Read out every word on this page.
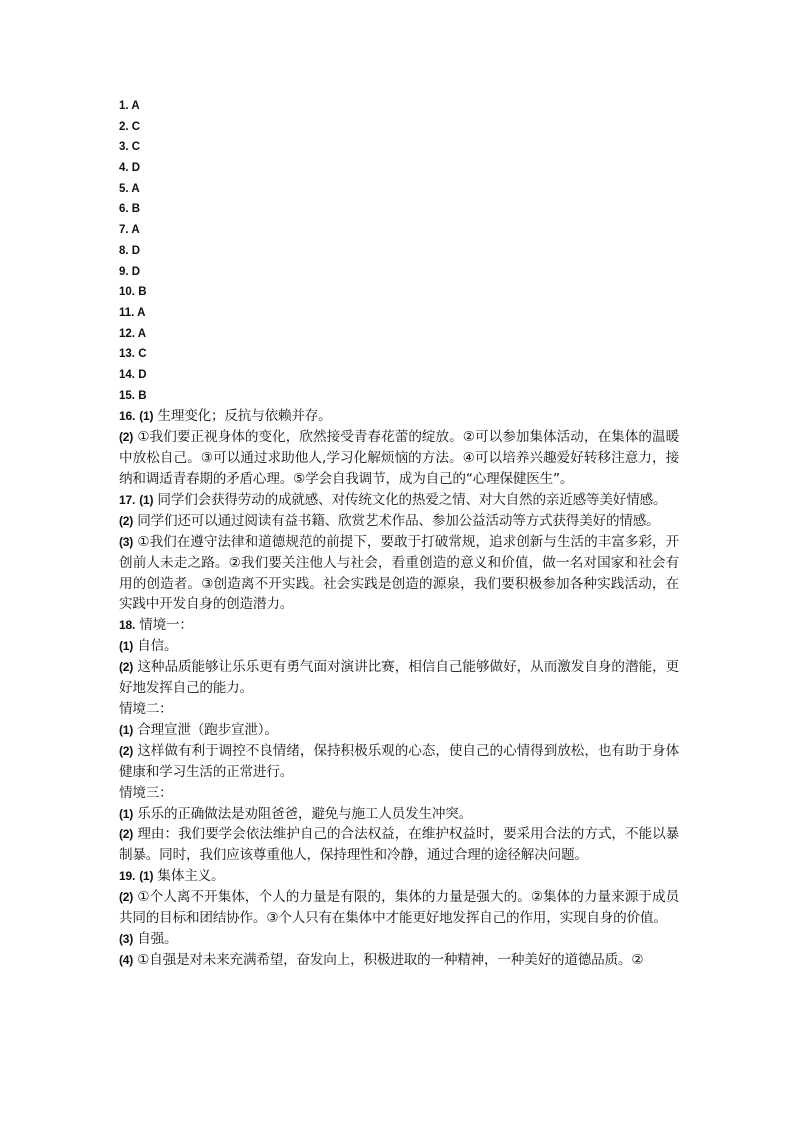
1. A
2. C
3. C
4. D
5. A
6. B
7. A
8. D
9. D
10. B
11. A
12. A
13. C
14. D
15. B
16. (1) 生理变化；反抗与依赖并存。
(2) ①我们要正视身体的变化，欣然接受青春花蕾的绽放。②可以参加集体活动，在集体的温暖中放松自己。③可以通过求助他人,学习化解烦恼的方法。④可以培养兴趣爱好转移注意力，接纳和调适青春期的矛盾心理。⑤学会自我调节，成为自己的“心理保健医生”。
17. (1) 同学们会获得劳动的成就感、对传统文化的热爱之情、对大自然的亲近感等美好情感。
(2) 同学们还可以通过阅读有益书籍、欣赏艺术作品、参加公益活动等方式获得美好的情感。
(3) ①我们在遵守法律和道德规范的前提下，要敢于打破常规，追求创新与生活的丰富多彩，开创前人未走之路。②我们要关注他人与社会，看重创造的意义和价值，做一名对国家和社会有用的创造者。③创造离不开实践。社会实践是创造的源泉，我们要积极参加各种实践活动，在实践中开发自身的创造潜力。
18. 情境一：
(1) 自信。
(2) 这种品质能够让乐乐更有勇气面对演讲比赛，相信自己能够做好，从而激发自身的潜能，更好地发挥自己的能力。
情境二：
(1) 合理宣泄（跑步宣泄）。
(2) 这样做有利于调控不良情绪，保持积极乐观的心态，使自己的心情得到放松，也有助于身体健康和学习生活的正常进行。
情境三：
(1) 乐乐的正确做法是劝阻爸爸，避免与施工人员发生冲突。
(2) 理由：我们要学会依法维护自己的合法权益，在维护权益时，要采用合法的方式，不能以暴制暴。同时，我们应该尊重他人，保持理性和冷静，通过合理的途径解决问题。
19. (1) 集体主义。
(2) ①个人离不开集体，个人的力量是有限的，集体的力量是强大的。②集体的力量来源于成员共同的目标和团结协作。③个人只有在集体中才能更好地发挥自己的作用，实现自身的价值。
(3) 自强。
(4) ①自强是对未来充满希望，奋发向上，积极进取的一种精神，一种美好的道德品质。②
